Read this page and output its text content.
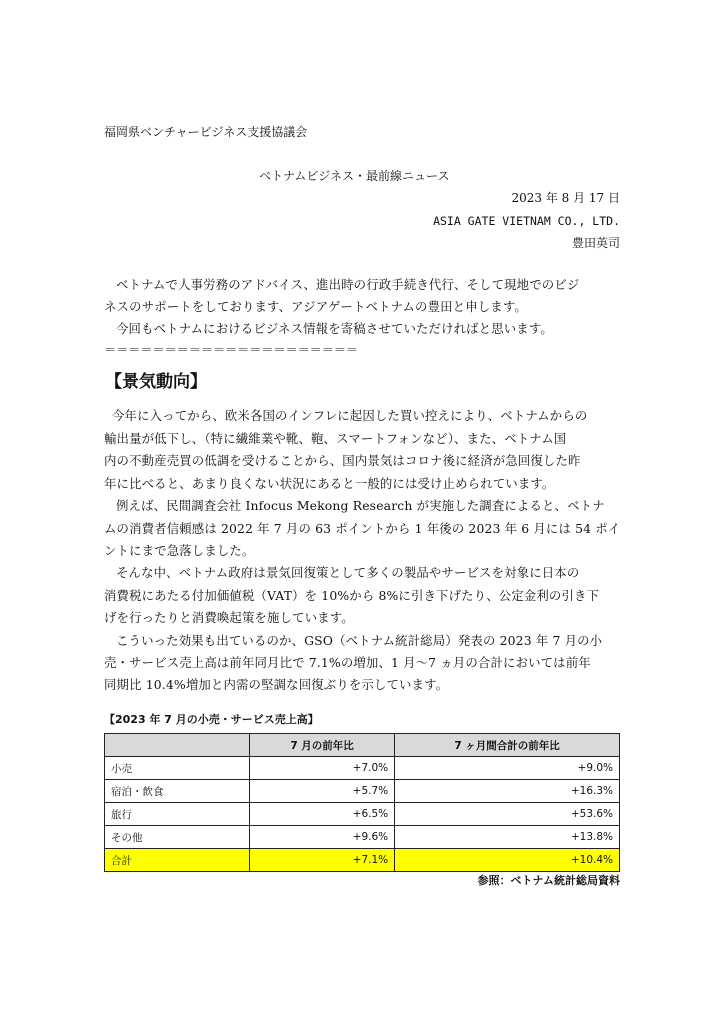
福岡県ベンチャービジネス支援協議会
ベトナムビジネス・最前線ニュース
2023 年 8 月 17 日
ASIA GATE VIETNAM CO., LTD.
豊田英司
ベトナムで人事労務のアドバイス、進出時の行政手続き代行、そして現地でのビジ
ネスのサポートをしております、アジアゲートベトナムの豊田と申します。
今回もベトナムにおけるビジネス情報を寄稿させていただければと思います。
＝＝＝＝＝＝＝＝＝＝＝＝＝＝＝＝＝＝＝＝＝
【景気動向】
今年に入ってから、欧米各国のインフレに起因した買い控えにより、ベトナムからの
輸出量が低下し、（特に繊維業や靴、鞄、スマートフォンなど）、また、ベトナム国
内の不動産売買の低調を受けることから、国内景気はコロナ後に経済が急回復した昨
年に比べると、あまり良くない状況にあると一般的には受け止められています。
例えば、民間調査会社 Infocus Mekong Research が実施した調査によると、ベトナ
ムの消費者信頼感は 2022 年 7 月の 63 ポイントから 1 年後の 2023 年 6 月には 54 ポイ
ントにまで急落しました。
そんな中、ベトナム政府は景気回復策として多くの製品やサービスを対象に日本の
消費税にあたる付加価値税（VAT）を 10%から 8%に引き下げたり、公定金利の引き下
げを行ったりと消費喚起策を施しています。
こういった効果も出ているのか、GSO（ベトナム統計総局）発表の 2023 年 7 月の小
売・サービス売上高は前年同月比で 7.1%の増加、1 月～7 ヵ月の合計においては前年
同期比 10.4%増加と内需の堅調な回復ぶりを示しています。
【2023 年 7 月の小売・サービス売上高】
	7 月の前年比	7 ヶ月間合計の前年比
小売	+7.0%	+9.0%
宿泊・飲食	+5.7%	+16.3%
旅行	+6.5%	+53.6%
その他	+9.6%	+13.8%
合計	+7.1%	+10.4%
参照：ベトナム統計総局資料
